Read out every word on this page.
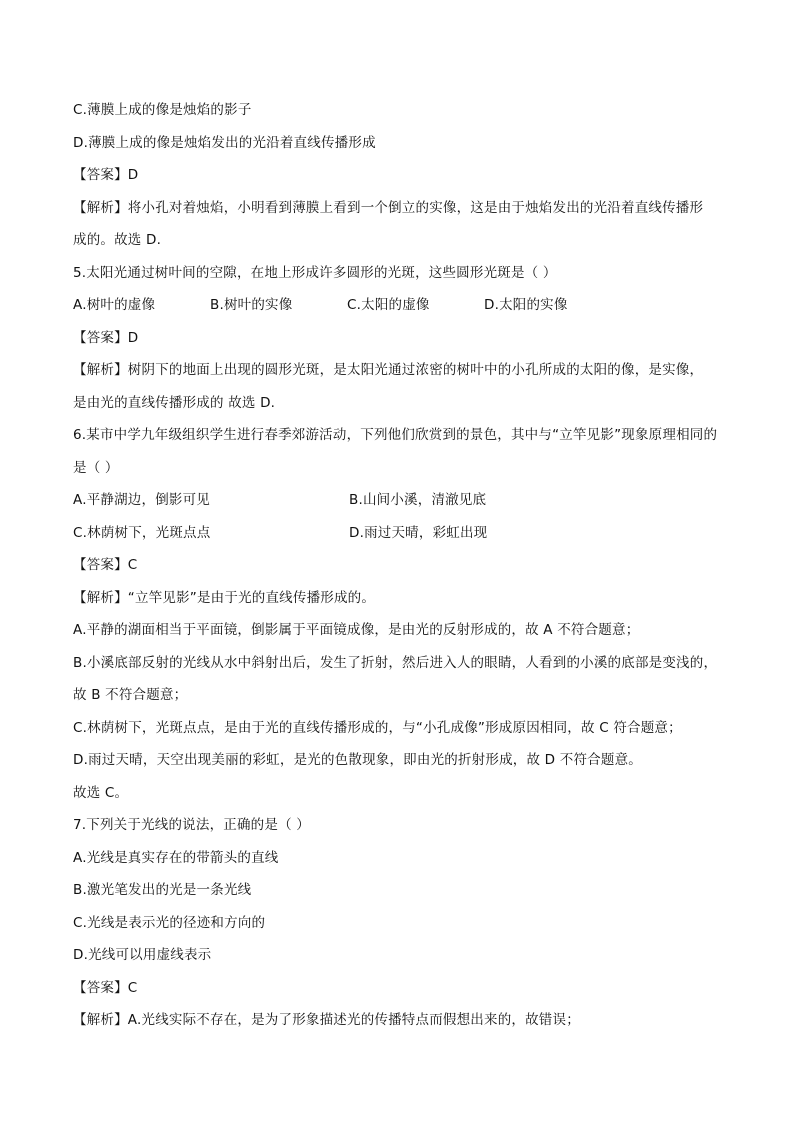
C.薄膜上成的像是烛焰的影子
D.薄膜上成的像是烛焰发出的光沿着直线传播形成
【答案】D
【解析】将小孔对着烛焰，小明看到薄膜上看到一个倒立的实像，这是由于烛焰发出的光沿着直线传播形
成的。故选 D.
5.太阳光通过树叶间的空隙，在地上形成许多圆形的光斑，这些圆形光斑是（ ）
A.树叶的虚像	B.树叶的实像	C.太阳的虚像	D.太阳的实像
【答案】D
【解析】树阴下的地面上出现的圆形光斑，是太阳光通过浓密的树叶中的小孔所成的太阳的像，是实像，
是由光的直线传播形成的 故选 D.
6.某市中学九年级组织学生进行春季郊游活动，下列他们欣赏到的景色，其中与“立竿见影”现象原理相同的
是（ ）
A.平静湖边，倒影可见	B.山间小溪，清澈见底
C.林荫树下，光斑点点	D.雨过天晴，彩虹出现
【答案】C
【解析】“立竿见影”是由于光的直线传播形成的。
A.平静的湖面相当于平面镜，倒影属于平面镜成像，是由光的反射形成的，故 A 不符合题意；
B.小溪底部反射的光线从水中斜射出后，发生了折射，然后进入人的眼睛，人看到的小溪的底部是变浅的，
故 B 不符合题意；
C.林荫树下，光斑点点，是由于光的直线传播形成的，与“小孔成像”形成原因相同，故 C 符合题意；
D.雨过天晴，天空出现美丽的彩虹，是光的色散现象，即由光的折射形成，故 D 不符合题意。
故选 C。
7.下列关于光线的说法，正确的是（ ）
A.光线是真实存在的带箭头的直线
B.激光笔发出的光是一条光线
C.光线是表示光的径迹和方向的
D.光线可以用虚线表示
【答案】C
【解析】A.光线实际不存在，是为了形象描述光的传播特点而假想出来的，故错误；
